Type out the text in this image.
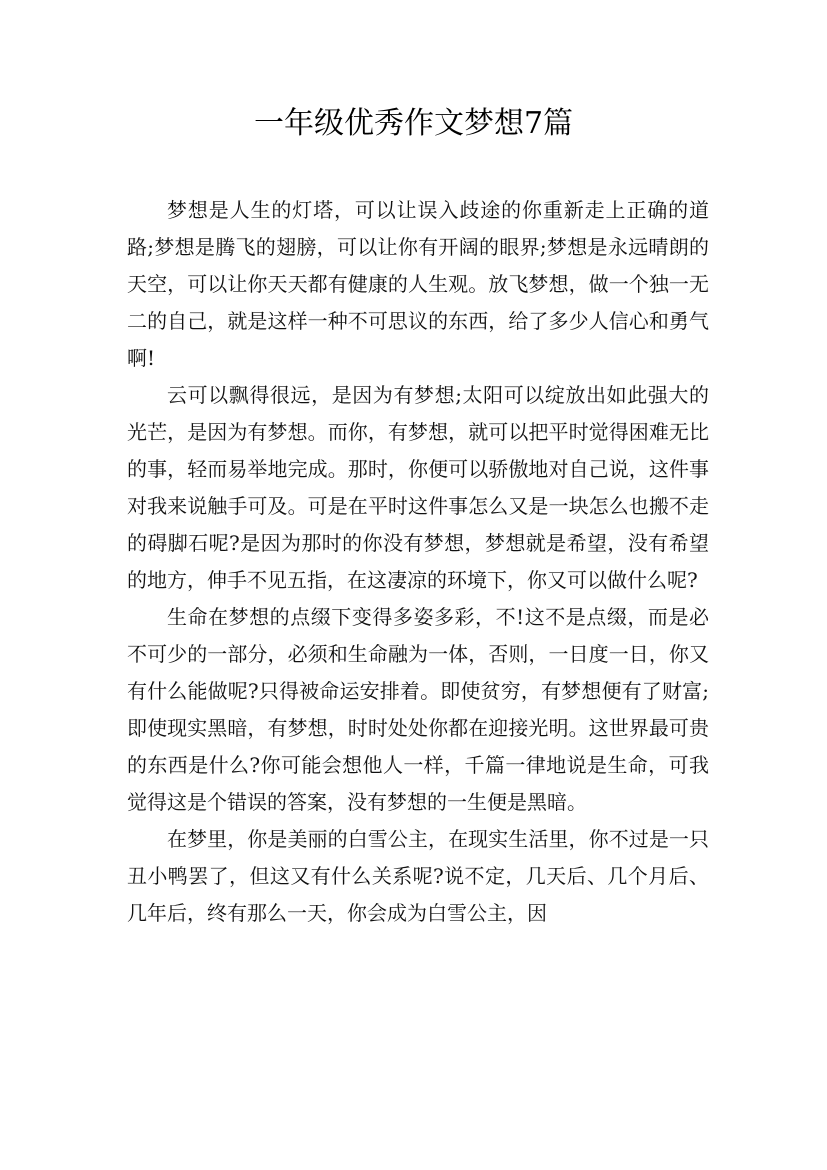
一年级优秀作文梦想7篇

梦想是人生的灯塔，可以让误入歧途的你重新走上正确的道路;梦想是腾飞的翅膀，可以让你有开阔的眼界;梦想是永远晴朗的天空，可以让你天天都有健康的人生观。放飞梦想，做一个独一无二的自己，就是这样一种不可思议的东西，给了多少人信心和勇气啊!

云可以飘得很远，是因为有梦想;太阳可以绽放出如此强大的光芒，是因为有梦想。而你，有梦想，就可以把平时觉得困难无比的事，轻而易举地完成。那时，你便可以骄傲地对自己说，这件事对我来说触手可及。可是在平时这件事怎么又是一块怎么也搬不走的碍脚石呢?是因为那时的你没有梦想，梦想就是希望，没有希望的地方，伸手不见五指，在这凄凉的环境下，你又可以做什么呢?

生命在梦想的点缀下变得多姿多彩，不!这不是点缀，而是必不可少的一部分，必须和生命融为一体，否则，一日度一日，你又有什么能做呢?只得被命运安排着。即使贫穷，有梦想便有了财富;即使现实黑暗，有梦想，时时处处你都在迎接光明。这世界最可贵的东西是什么?你可能会想他人一样，千篇一律地说是生命，可我觉得这是个错误的答案，没有梦想的一生便是黑暗。

在梦里，你是美丽的白雪公主，在现实生活里，你不过是一只丑小鸭罢了，但这又有什么关系呢?说不定，几天后、几个月后、几年后，终有那么一天，你会成为白雪公主，因
